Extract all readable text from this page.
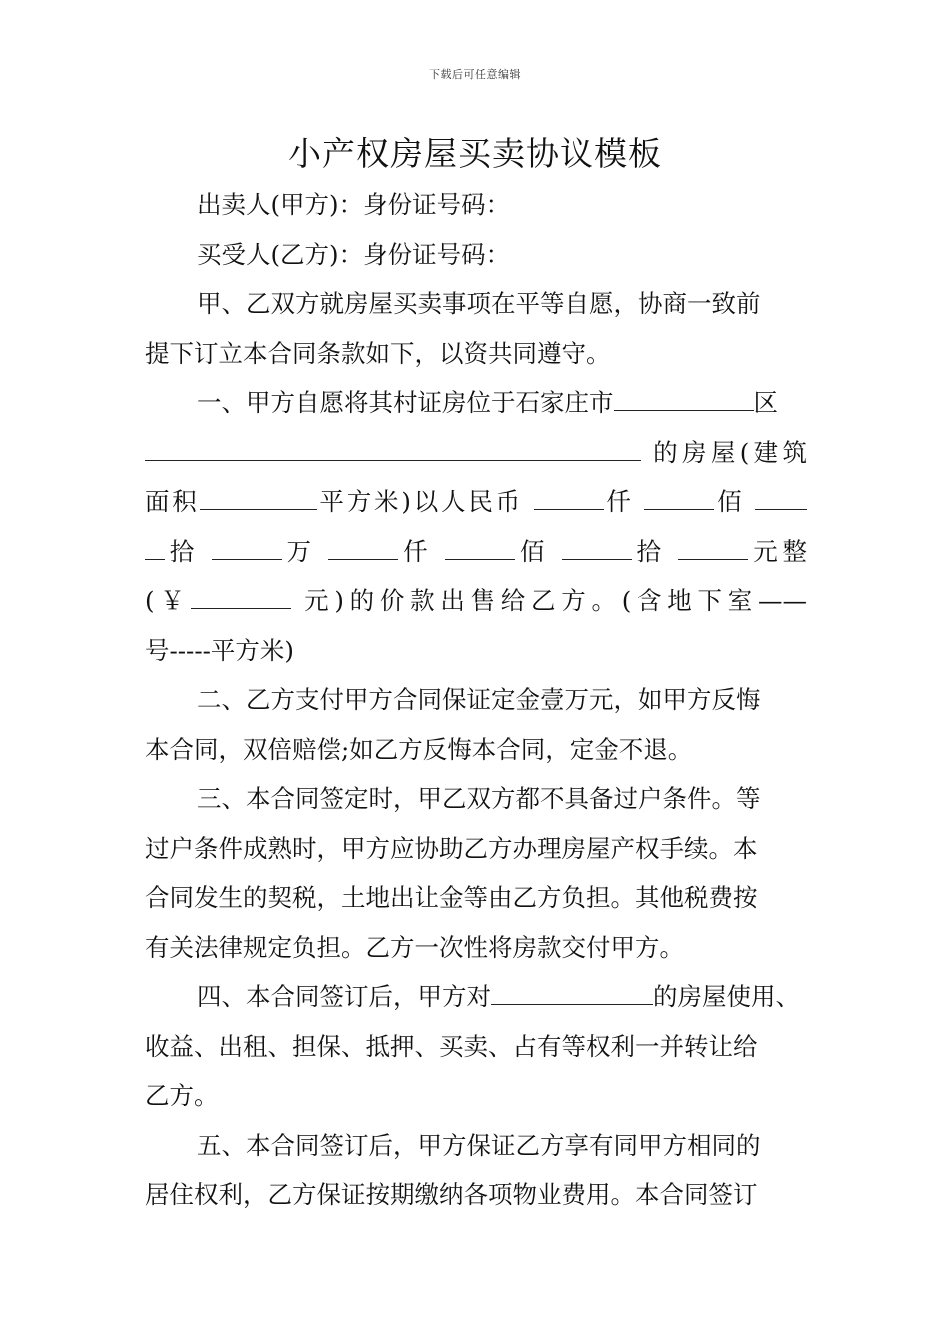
下载后可任意编辑
小产权房屋买卖协议模板
出卖人(甲方)：身份证号码：
买受人(乙方)：身份证号码：
甲、乙双方就房屋买卖事项在平等自愿，协商一致前
提下订立本合同条款如下，以资共同遵守。
一、甲方自愿将其村证房位于石家庄市	区
的房屋(建筑
面积	平方米)以人民币	仟	佰
拾	万	仟	佰	拾	元整
(￥	元)的价款出售给乙方。(含地下室——
号-----平方米)
二、乙方支付甲方合同保证定金壹万元，如甲方反悔
本合同，双倍赔偿;如乙方反悔本合同，定金不退。
三、本合同签定时，甲乙双方都不具备过户条件。等
过户条件成熟时，甲方应协助乙方办理房屋产权手续。本
合同发生的契税，土地出让金等由乙方负担。其他税费按
有关法律规定负担。乙方一次性将房款交付甲方。
四、本合同签订后，甲方对	的房屋使用、
收益、出租、担保、抵押、买卖、占有等权利一并转让给
乙方。
五、本合同签订后，甲方保证乙方享有同甲方相同的
居住权利，乙方保证按期缴纳各项物业费用。本合同签订
